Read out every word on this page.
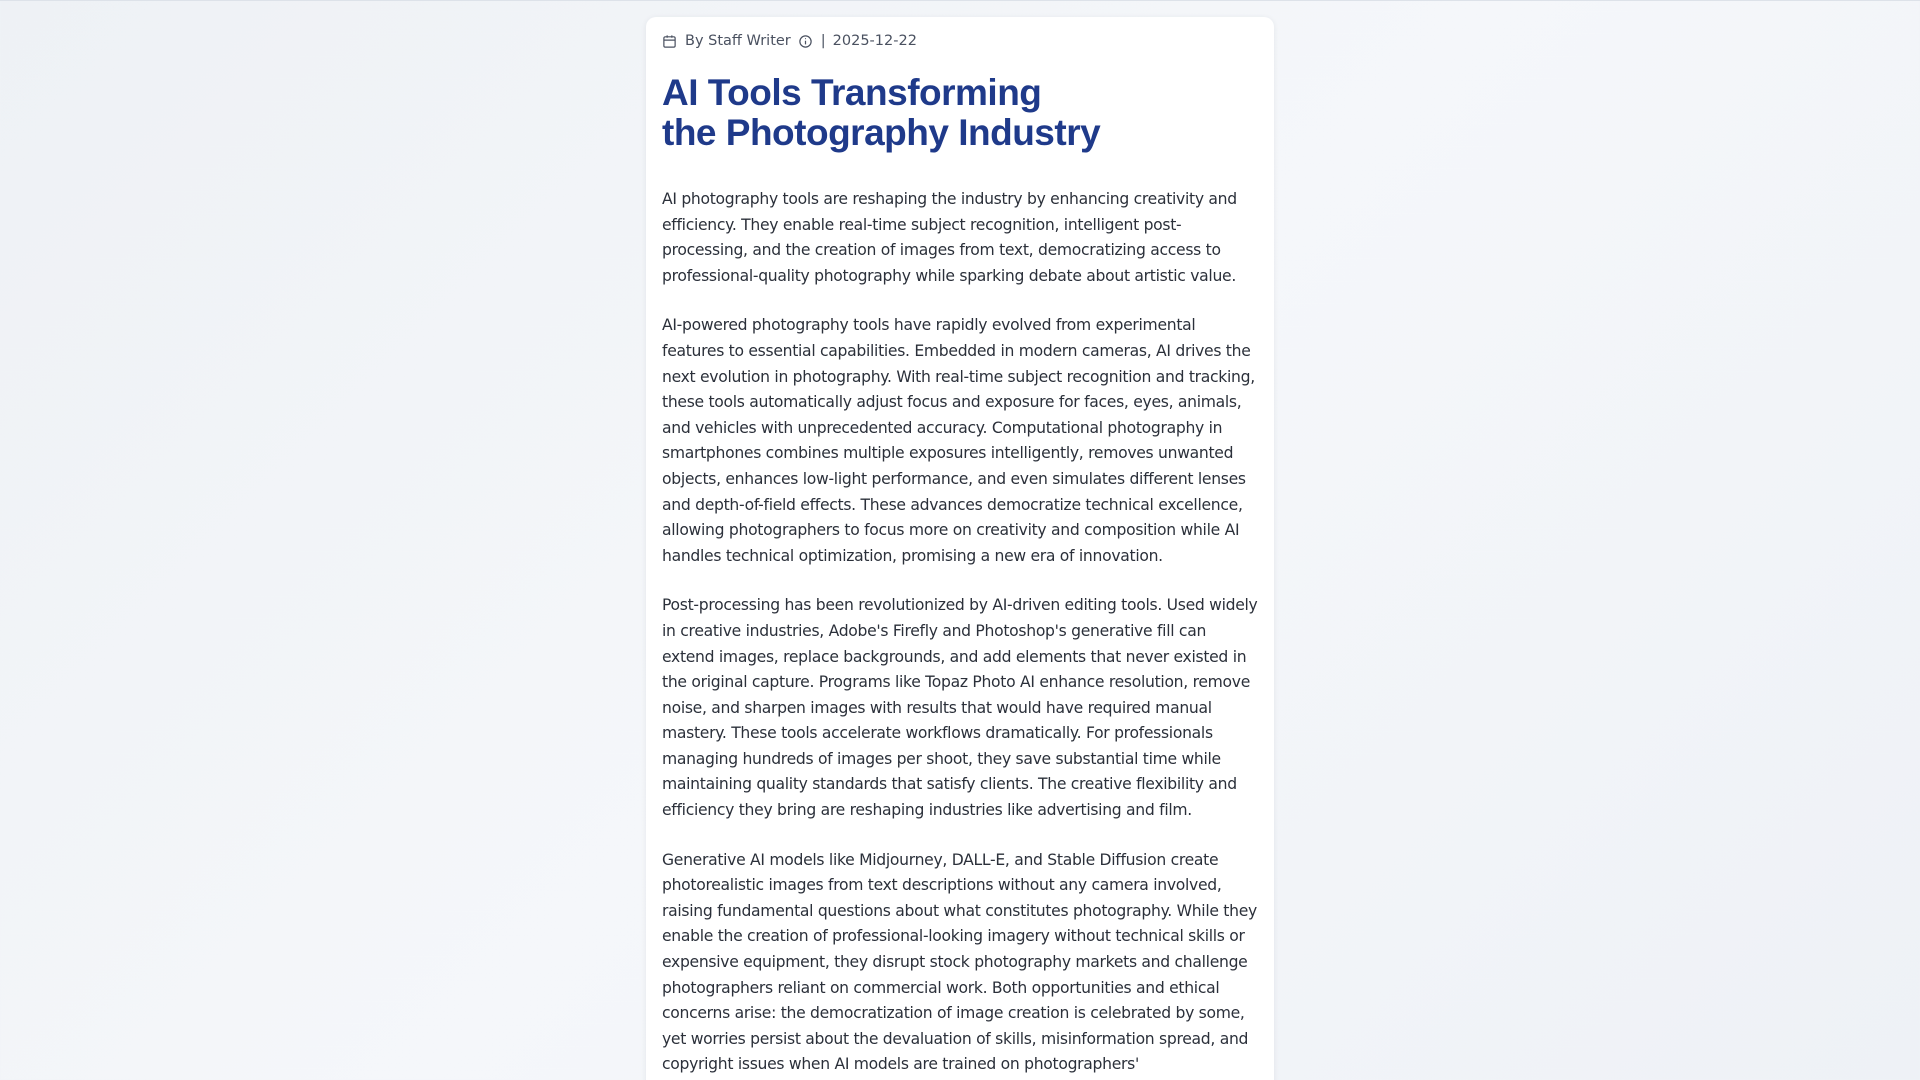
By Staff Writer | 2025-12-22
AI Tools Transforming the Photography Industry

AI photography tools are reshaping the industry by enhancing creativity and efficiency. They enable real-time subject recognition, intelligent post-processing, and the creation of images from text, democratizing access to professional-quality photography while sparking debate about artistic value.

AI-powered photography tools have rapidly evolved from experimental features to essential capabilities. Embedded in modern cameras, AI drives the next evolution in photography. With real-time subject recognition and tracking, these tools automatically adjust focus and exposure for faces, eyes, animals, and vehicles with unprecedented accuracy. Computational photography in smartphones combines multiple exposures intelligently, removes unwanted objects, enhances low-light performance, and even simulates different lenses and depth-of-field effects. These advances democratize technical excellence, allowing photographers to focus more on creativity and composition while AI handles technical optimization, promising a new era of innovation.

Post-processing has been revolutionized by AI-driven editing tools. Used widely in creative industries, Adobe's Firefly and Photoshop's generative fill can extend images, replace backgrounds, and add elements that never existed in the original capture. Programs like Topaz Photo AI enhance resolution, remove noise, and sharpen images with results that would have required manual mastery. These tools accelerate workflows dramatically. For professionals managing hundreds of images per shoot, they save substantial time while maintaining quality standards that satisfy clients. The creative flexibility and efficiency they bring are reshaping industries like advertising and film.

Generative AI models like Midjourney, DALL-E, and Stable Diffusion create photorealistic images from text descriptions without any camera involved, raising fundamental questions about what constitutes photography. While they enable the creation of professional-looking imagery without technical skills or expensive equipment, they disrupt stock photography markets and challenge photographers reliant on commercial work. Both opportunities and ethical concerns arise: the democratization of image creation is celebrated by some, yet worries persist about the devaluation of skills, misinformation spread, and copyright issues when AI models are trained on photographers'
